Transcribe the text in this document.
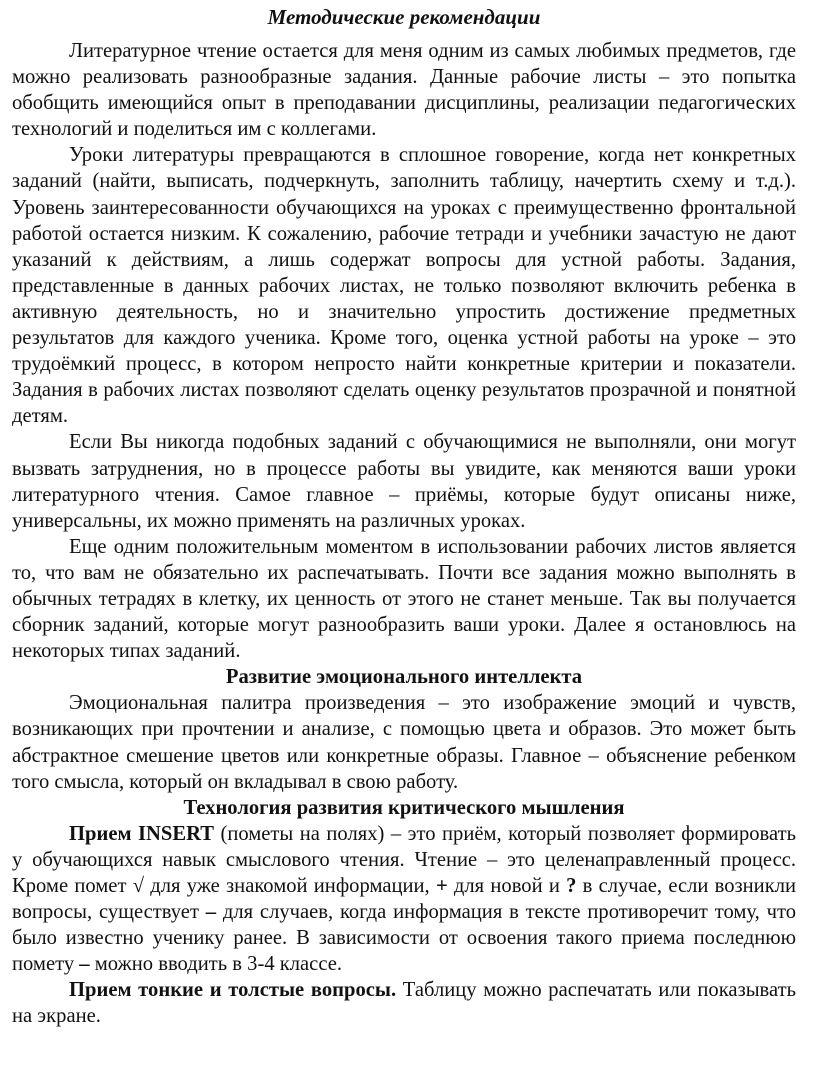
Методические рекомендации

Литературное чтение остается для меня одним из самых любимых предметов, где можно реализовать разнообразные задания. Данные рабочие листы – это попытка обобщить имеющийся опыт в преподавании дисциплины, реализации педагогических технологий и поделиться им с коллегами.

Уроки литературы превращаются в сплошное говорение, когда нет конкретных заданий (найти, выписать, подчеркнуть, заполнить таблицу, начертить схему и т.д.). Уровень заинтересованности обучающихся на уроках с преимущественно фронтальной работой остается низким. К сожалению, рабочие тетради и учебники зачастую не дают указаний к действиям, а лишь содержат вопросы для устной работы. Задания, представленные в данных рабочих листах, не только позволяют включить ребенка в активную деятельность, но и значительно упростить достижение предметных результатов для каждого ученика. Кроме того, оценка устной работы на уроке – это трудоёмкий процесс, в котором непросто найти конкретные критерии и показатели. Задания в рабочих листах позволяют сделать оценку результатов прозрачной и понятной детям.

Если Вы никогда подобных заданий с обучающимися не выполняли, они могут вызвать затруднения, но в процессе работы вы увидите, как меняются ваши уроки литературного чтения. Самое главное – приёмы, которые будут описаны ниже, универсальны, их можно применять на различных уроках.

Еще одним положительным моментом в использовании рабочих листов является то, что вам не обязательно их распечатывать. Почти все задания можно выполнять в обычных тетрадях в клетку, их ценность от этого не станет меньше. Так вы получается сборник заданий, которые могут разнообразить ваши уроки. Далее я остановлюсь на некоторых типах заданий.

Развитие эмоционального интеллекта

Эмоциональная палитра произведения – это изображение эмоций и чувств, возникающих при прочтении и анализе, с помощью цвета и образов. Это может быть абстрактное смешение цветов или конкретные образы. Главное – объяснение ребенком того смысла, который он вкладывал в свою работу.

Технология развития критического мышления

Прием INSERT (пометы на полях) – это приём, который позволяет формировать у обучающихся навык смыслового чтения. Чтение – это целенаправленный процесс. Кроме помет √ для уже знакомой информации, + для новой и ? в случае, если возникли вопросы, существует – для случаев, когда информация в тексте противоречит тому, что было известно ученику ранее. В зависимости от освоения такого приема последнюю помету – можно вводить в 3-4 классе.

Прием тонкие и толстые вопросы. Таблицу можно распечатать или показывать на экране.
